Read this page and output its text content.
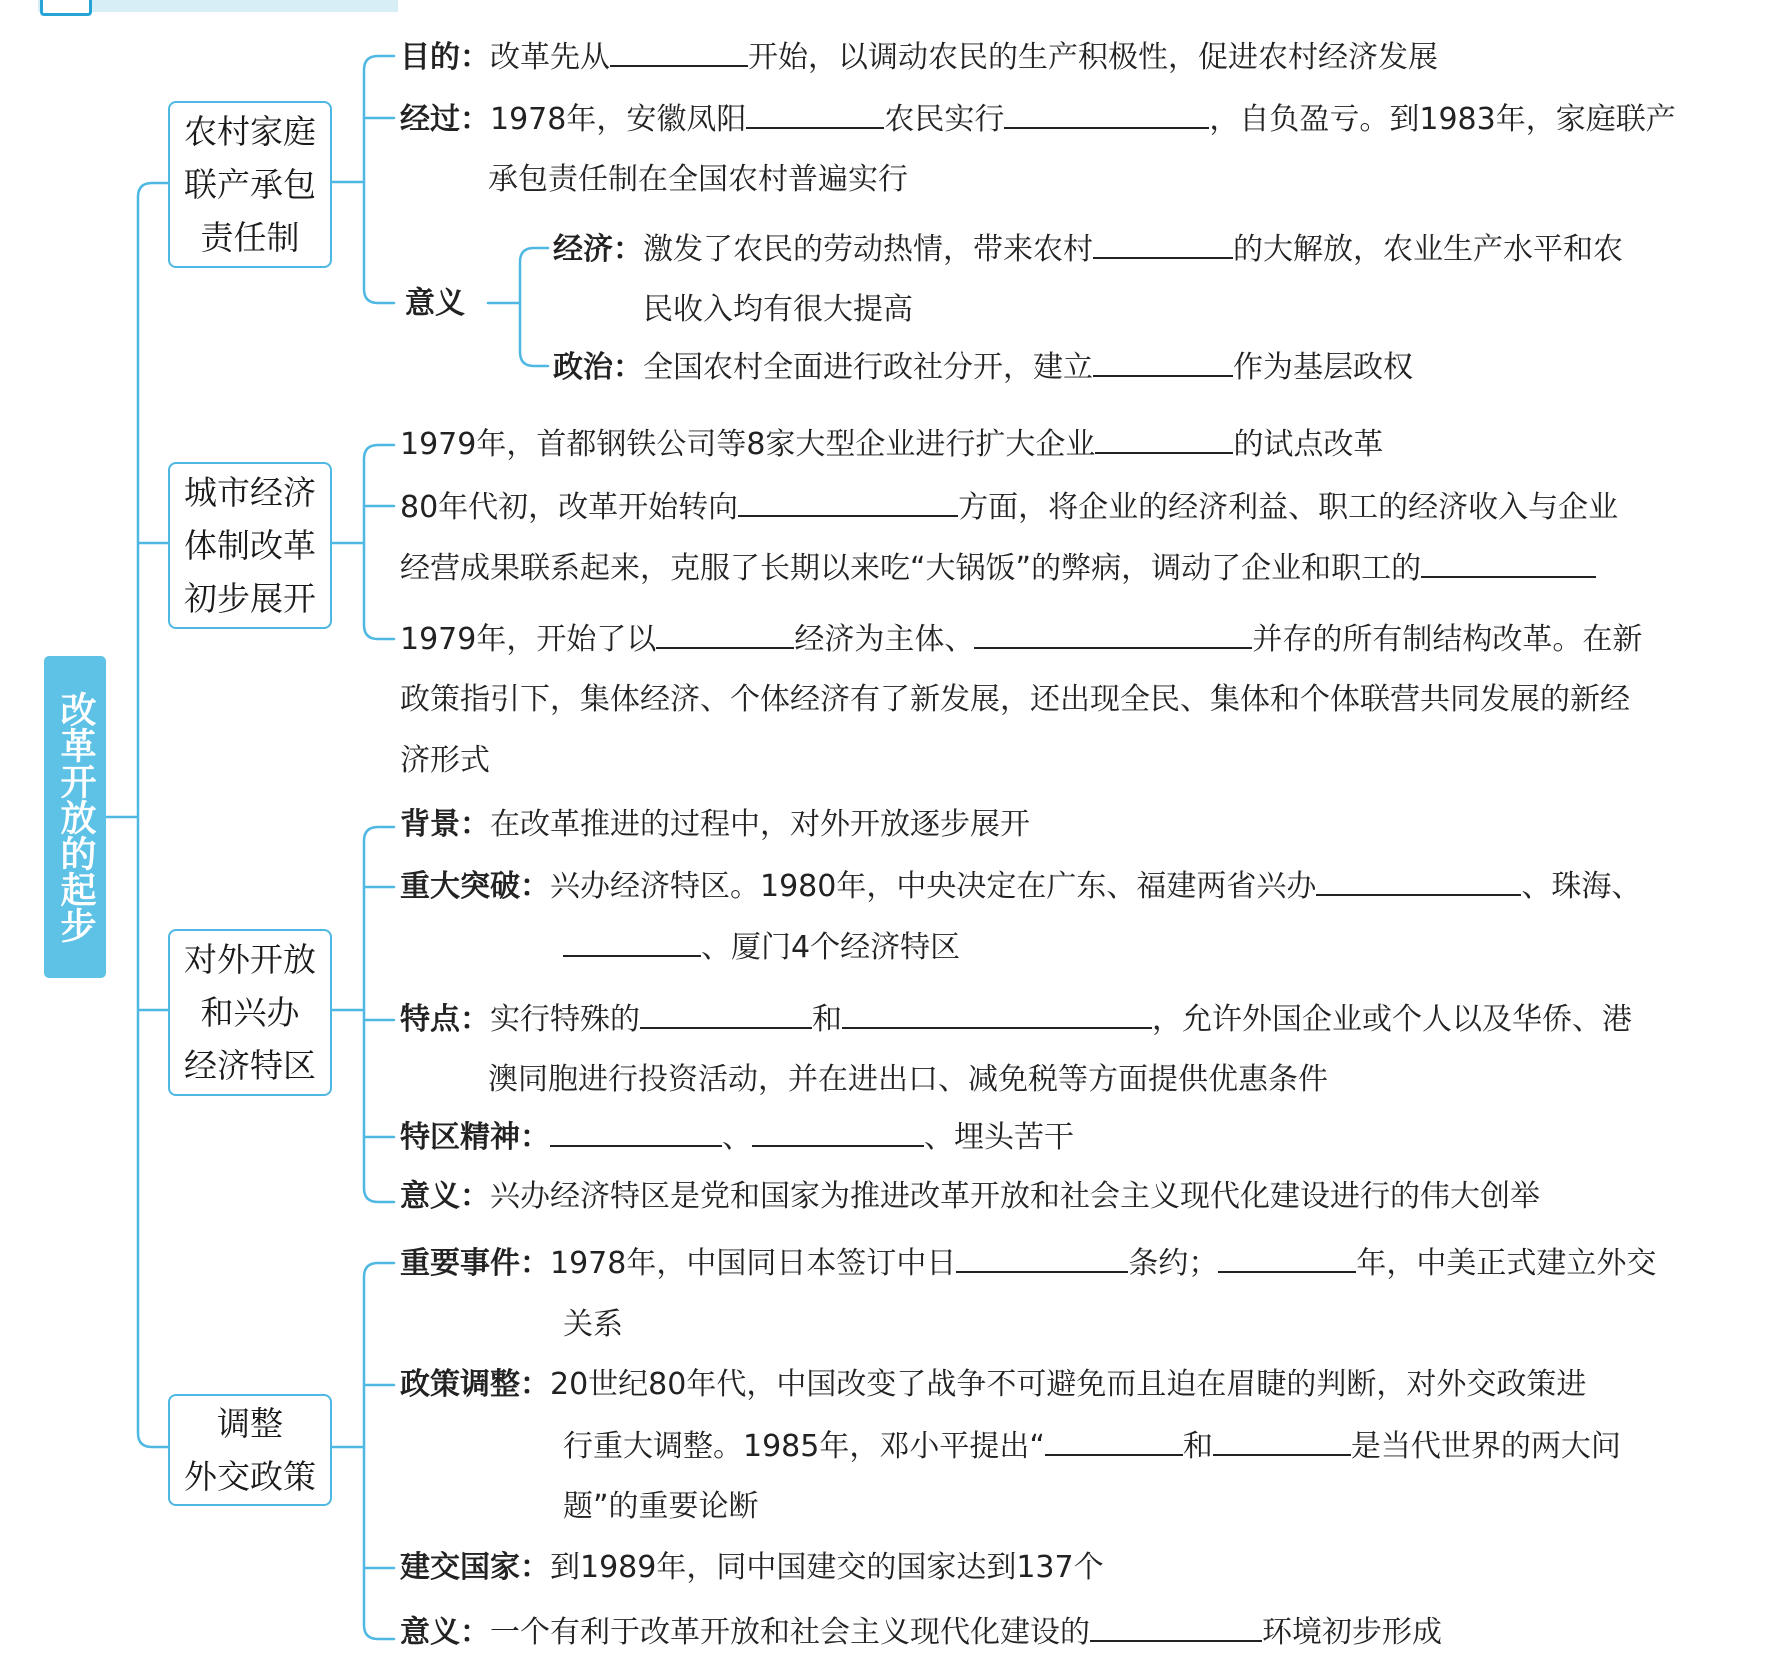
改革开放的起步
农村家庭
联产承包
责任制
城市经济
体制改革
初步展开
对外开放
和兴办
经济特区
调整
外交政策
目的：改革先从	开始，以调动农民的生产积极性，促进农村经济发展
经过：1978年，安徽凤阳	农民实行	，自负盈亏。到1983年，家庭联产
承包责任制在全国农村普遍实行
意义
经济：激发了农民的劳动热情，带来农村	的大解放，农业生产水平和农
民收入均有很大提高
政治：全国农村全面进行政社分开，建立	作为基层政权
1979年，首都钢铁公司等8家大型企业进行扩大企业	的试点改革
80年代初，改革开始转向	方面，将企业的经济利益、职工的经济收入与企业
经营成果联系起来，克服了长期以来吃“大锅饭”的弊病，调动了企业和职工的
1979年，开始了以	经济为主体、	并存的所有制结构改革。在新
政策指引下，集体经济、个体经济有了新发展，还出现全民、集体和个体联营共同发展的新经
济形式
背景：在改革推进的过程中，对外开放逐步展开
重大突破：兴办经济特区。1980年，中央决定在广东、福建两省兴办	、珠海、
、厦门4个经济特区
特点：实行特殊的	和	，允许外国企业或个人以及华侨、港
澳同胞进行投资活动，并在进出口、减免税等方面提供优惠条件
特区精神：	、	、埋头苦干
意义：兴办经济特区是党和国家为推进改革开放和社会主义现代化建设进行的伟大创举
重要事件：1978年，中国同日本签订中日	条约；	年，中美正式建立外交
关系
政策调整：20世纪80年代，中国改变了战争不可避免而且迫在眉睫的判断，对外交政策进
行重大调整。1985年，邓小平提出“	和	是当代世界的两大问
题”的重要论断
建交国家：到1989年，同中国建交的国家达到137个
意义：一个有利于改革开放和社会主义现代化建设的	环境初步形成
